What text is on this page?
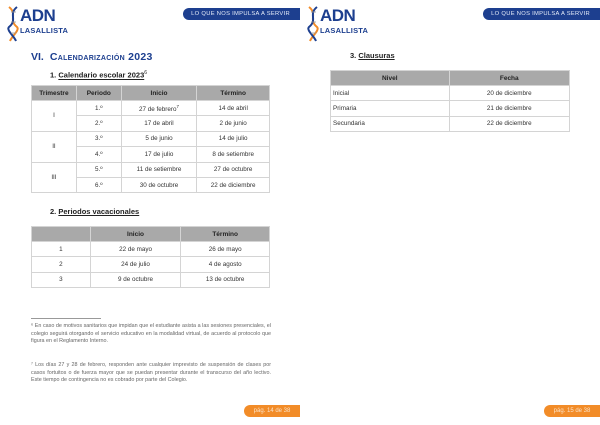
ADN
LASALLISTA
LO QUE NOS IMPULSA A SERVIR
VI. Calendarización 2023
1. Calendario escolar 2023$^6$
Trimestre	Periodo	Inicio	Término
I	1.º	27 de febrero$^7$	14 de abril
	2.º	17 de abril	2 de junio
II	3.º	5 de junio	14 de julio
	4.º	17 de julio	8 de setiembre
III	5.º	11 de setiembre	27 de octubre
	6.º	30 de octubre	22 de diciembre
2. Periodos vacacionales
	Inicio	Término
1	22 de mayo	26 de mayo
2	24 de julio	4 de agosto
3	9 de octubre	13 de octubre

⁶ En caso de motivos sanitarios que impidan que el estudiante asista a las sesiones presenciales, el colegio seguirá otorgando el servicio educativo en la modalidad virtual, de acuerdo al protocolo que figura en el Reglamento Interno.

⁷ Los días 27 y 28 de febrero, responden ante cualquier imprevisto de suspensión de clases por casos fortuitos o de fuerza mayor que se puedan presentar durante el transcurso del año lectivo. Este tiempo de contingencia no es cobrado por parte del Colegio.

pág. 14 de 38
ADN
LASALLISTA
LO QUE NOS IMPULSA A SERVIR
3. Clausuras
Nivel	Fecha
Inicial	20 de diciembre
Primaria	21 de diciembre
Secundaria	22 de diciembre
pág. 15 de 38
